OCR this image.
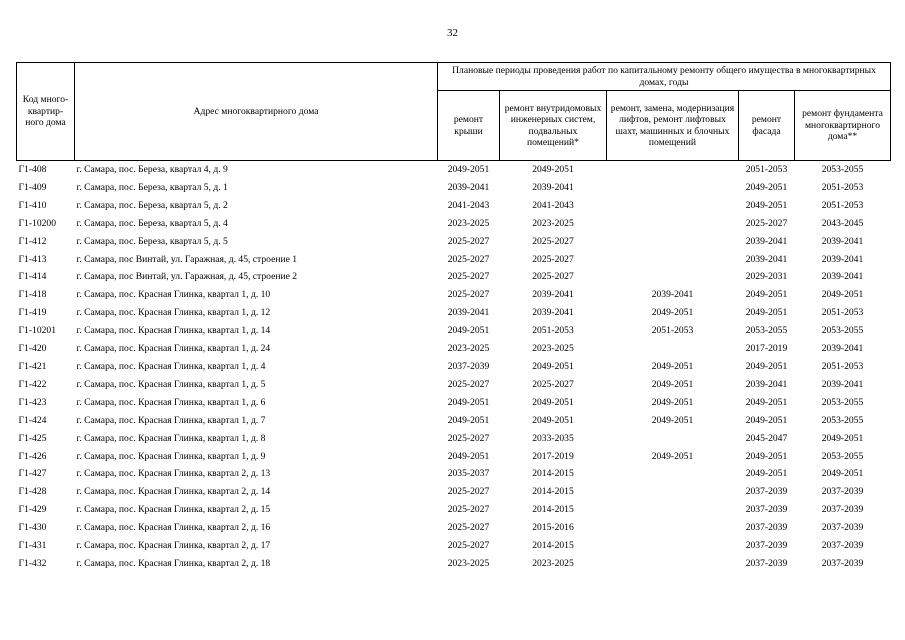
32
Код много-квартир-ного дома	Адрес многоквартирного дома	Плановые периоды проведения работ по капитальному ремонту общего имущества в многоквартирных домах, годы				
		ремонт крыши	ремонт внутридомовых инженерных систем, подвальных помещений*	ремонт, замена, модернизация лифтов, ремонт лифтовых шахт, машинных и блочных помещений	ремонт фасада	ремонт фундамента многоквартирного дома**
Г1-408	г. Самара, пос. Береза, квартал 4, д. 9	2049-2051	2049-2051		2051-2053	2053-2055
Г1-409	г. Самара, пос. Береза, квартал 5, д. 1	2039-2041	2039-2041		2049-2051	2051-2053
Г1-410	г. Самара, пос. Береза, квартал 5, д. 2	2041-2043	2041-2043		2049-2051	2051-2053
Г1-10200	г. Самара, пос. Береза, квартал 5, д. 4	2023-2025	2023-2025		2025-2027	2043-2045
Г1-412	г. Самара, пос. Береза, квартал 5, д. 5	2025-2027	2025-2027		2039-2041	2039-2041
Г1-413	г. Самара, пос Винтай, ул. Гаражная, д. 45, строение 1	2025-2027	2025-2027		2039-2041	2039-2041
Г1-414	г. Самара, пос Винтай, ул. Гаражная, д. 45, строение 2	2025-2027	2025-2027		2029-2031	2039-2041
Г1-418	г. Самара, пос. Красная Глинка, квартал 1, д. 10	2025-2027	2039-2041	2039-2041	2049-2051	2049-2051
Г1-419	г. Самара, пос. Красная Глинка, квартал 1, д. 12	2039-2041	2039-2041	2049-2051	2049-2051	2051-2053
Г1-10201	г. Самара, пос. Красная Глинка, квартал 1, д. 14	2049-2051	2051-2053	2051-2053	2053-2055	2053-2055
Г1-420	г. Самара, пос. Красная Глинка, квартал 1, д. 24	2023-2025	2023-2025		2017-2019	2039-2041
Г1-421	г. Самара, пос. Красная Глинка, квартал 1, д. 4	2037-2039	2049-2051	2049-2051	2049-2051	2051-2053
Г1-422	г. Самара, пос. Красная Глинка, квартал 1, д. 5	2025-2027	2025-2027	2049-2051	2039-2041	2039-2041
Г1-423	г. Самара, пос. Красная Глинка, квартал 1, д. 6	2049-2051	2049-2051	2049-2051	2049-2051	2053-2055
Г1-424	г. Самара, пос. Красная Глинка, квартал 1, д. 7	2049-2051	2049-2051	2049-2051	2049-2051	2053-2055
Г1-425	г. Самара, пос. Красная Глинка, квартал 1, д. 8	2025-2027	2033-2035		2045-2047	2049-2051
Г1-426	г. Самара, пос. Красная Глинка, квартал 1, д. 9	2049-2051	2017-2019	2049-2051	2049-2051	2053-2055
Г1-427	г. Самара, пос. Красная Глинка, квартал 2, д. 13	2035-2037	2014-2015		2049-2051	2049-2051
Г1-428	г. Самара, пос. Красная Глинка, квартал 2, д. 14	2025-2027	2014-2015		2037-2039	2037-2039
Г1-429	г. Самара, пос. Красная Глинка, квартал 2, д. 15	2025-2027	2014-2015		2037-2039	2037-2039
Г1-430	г. Самара, пос. Красная Глинка, квартал 2, д. 16	2025-2027	2015-2016		2037-2039	2037-2039
Г1-431	г. Самара, пос. Красная Глинка, квартал 2, д. 17	2025-2027	2014-2015		2037-2039	2037-2039
Г1-432	г. Самара, пос. Красная Глинка, квартал 2, д. 18	2023-2025	2023-2025		2037-2039	2037-2039
